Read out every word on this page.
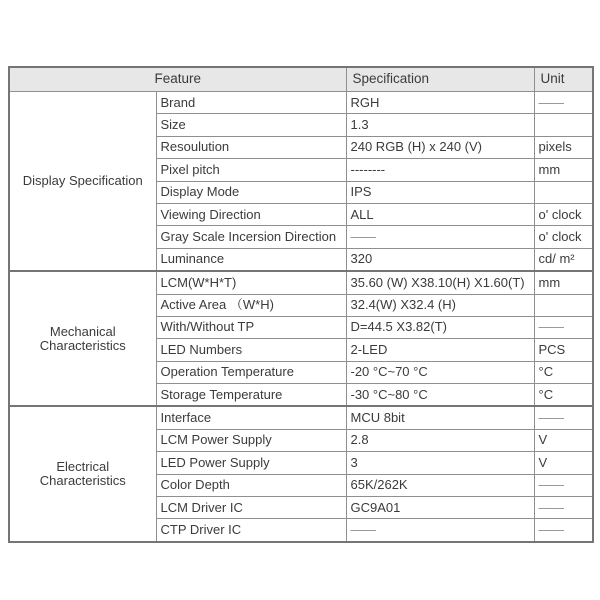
Feature		Specification	Unit
Display Specification	Brand	RGH	——
	Size	1.3	
	Resoulution	240 RGB (H) x 240 (V)	pixels
	Pixel pitch	--------	mm
	Display Mode	IPS	
	Viewing Direction	ALL	o' clock
	Gray Scale Incersion Direction	——	o' clock
	Luminance	320	cd/ m²
Mechanical Characteristics	LCM(W*H*T)	35.60 (W) X38.10(H) X1.60(T)	mm
	Active Area （W*H)	32.4(W) X32.4 (H)	
	With/Without TP	D=44.5 X3.82(T)	——
	LED Numbers	2-LED	PCS
	Operation Temperature	-20 °C~70 °C	°C
	Storage Temperature	-30 °C~80 °C	°C
Electrical Characteristics	Interface	MCU 8bit	——
	LCM Power Supply	2.8	V
	LED Power Supply	3	V
	Color Depth	65K/262K	——
	LCM Driver IC	GC9A01	——
	CTP Driver IC	——	——
